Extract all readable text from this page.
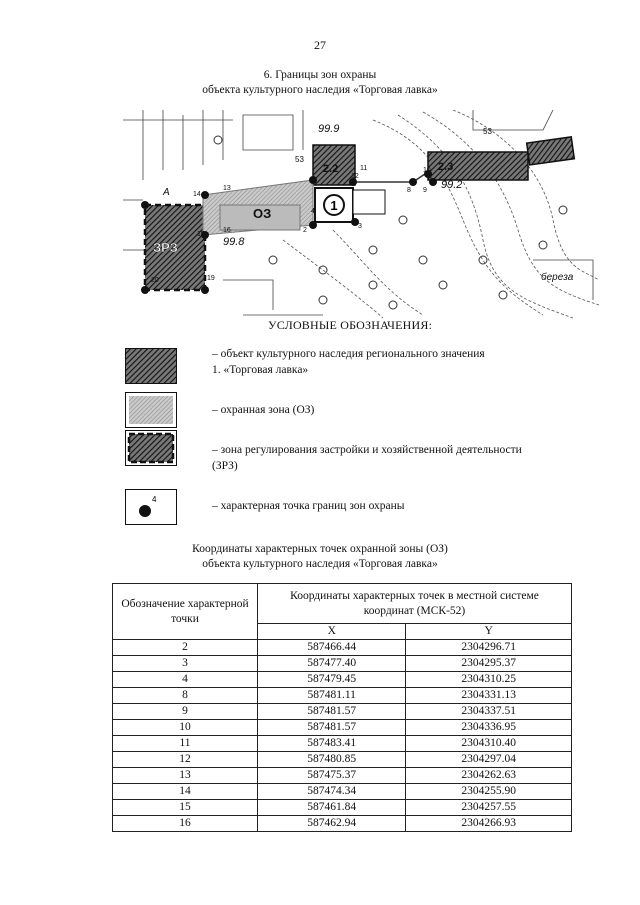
27
6. Границы зон охраны
объекта культурного наследия «Торговая лавка»
1
ОЗ
ЗРЗ
2.2	2.3
99.9
99.8
99.2
12
11
2
3
4
8 9
10
13
14
15
16
19
20
53
53
A
береза
УСЛОВНЫЕ ОБОЗНАЧЕНИЯ:
4
– объект культурного наследия регионального значения
1. «Торговая лавка»
– охранная зона (ОЗ)
– зона регулирования застройки и хозяйственной деятельности
(ЗРЗ)
– характерная точка границ зон охраны
Координаты характерных точек охранной зоны (ОЗ)
объекта культурного наследия «Торговая лавка»
Обозначение характерной точки	Координаты характерных точек в местной системе координат (МСК-52)	
	X	Y
2	587466.44	2304296.71
3	587477.40	2304295.37
4	587479.45	2304310.25
8	587481.11	2304331.13
9	587481.57	2304337.51
10	587481.57	2304336.95
11	587483.41	2304310.40
12	587480.85	2304297.04
13	587475.37	2304262.63
14	587474.34	2304255.90
15	587461.84	2304257.55
16	587462.94	2304266.93
